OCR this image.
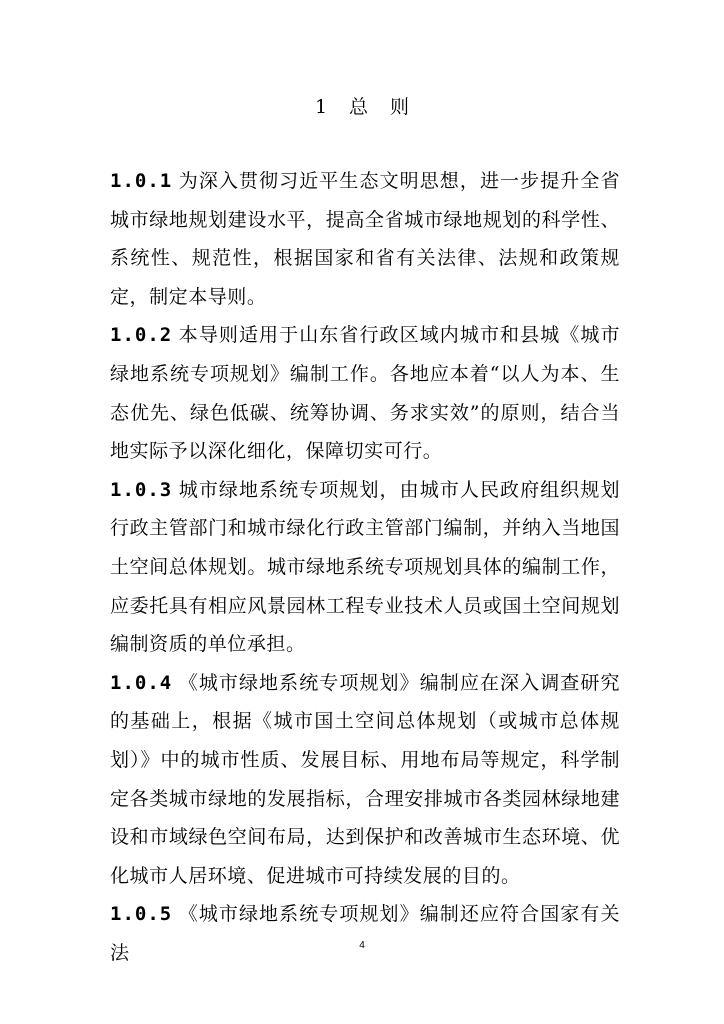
1 总 则

1.0.1 为深入贯彻习近平生态文明思想，进一步提升全省城市绿地规划建设水平，提高全省城市绿地规划的科学性、系统性、规范性，根据国家和省有关法律、法规和政策规定，制定本导则。

1.0.2 本导则适用于山东省行政区域内城市和县城《城市绿地系统专项规划》编制工作。各地应本着“以人为本、生态优先、绿色低碳、统筹协调、务求实效”的原则，结合当地实际予以深化细化，保障切实可行。

1.0.3 城市绿地系统专项规划，由城市人民政府组织规划行政主管部门和城市绿化行政主管部门编制，并纳入当地国土空间总体规划。城市绿地系统专项规划具体的编制工作，应委托具有相应风景园林工程专业技术人员或国土空间规划编制资质的单位承担。

1.0.4 《城市绿地系统专项规划》编制应在深入调查研究的基础上，根据《城市国土空间总体规划（或城市总体规划）》中的城市性质、发展目标、用地布局等规定，科学制定各类城市绿地的发展指标，合理安排城市各类园林绿地建设和市域绿色空间布局，达到保护和改善城市生态环境、优化城市人居环境、促进城市可持续发展的目的。

1.0.5 《城市绿地系统专项规划》编制还应符合国家有关法	4
